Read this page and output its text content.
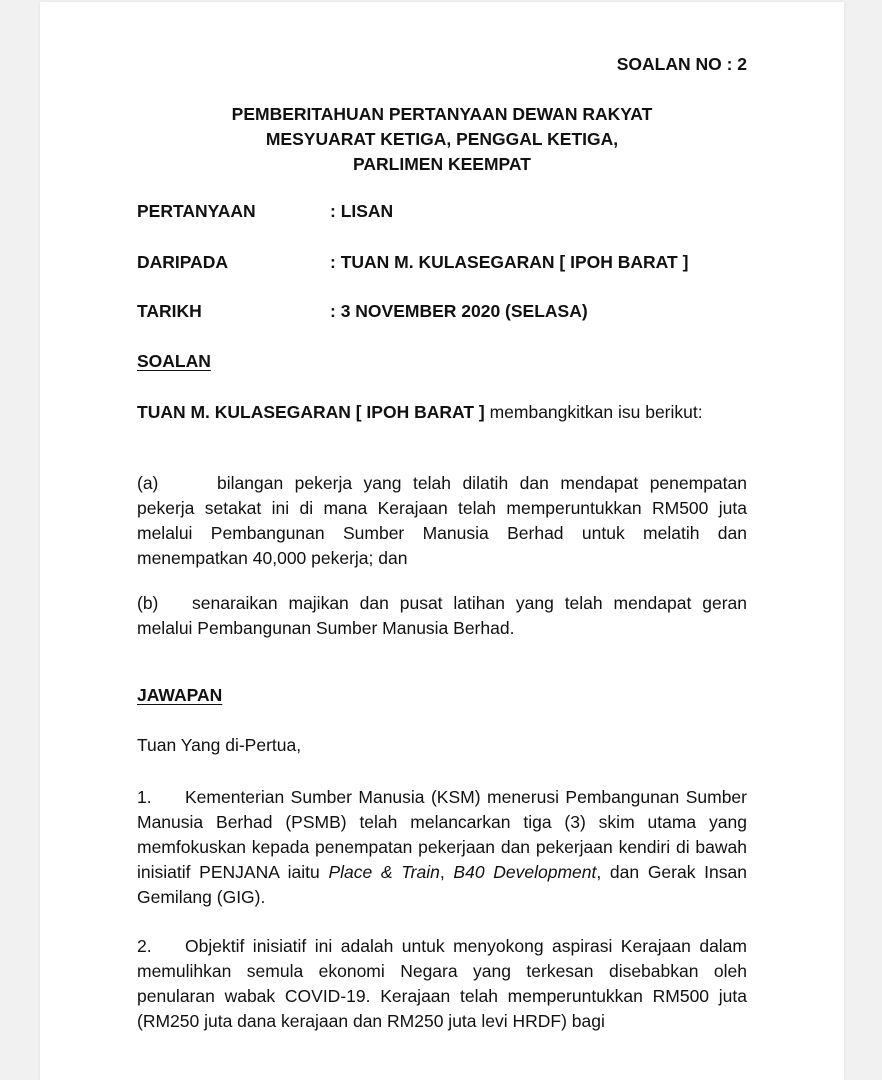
SOALAN NO : 2
PEMBERITAHUAN PERTANYAAN DEWAN RAKYAT
MESYUARAT KETIGA, PENGGAL KETIGA,
PARLIMEN KEEMPAT
PERTANYAAN	: LISAN
DARIPADA	: TUAN M. KULASEGARAN [ IPOH BARAT ]
TARIKH	: 3 NOVEMBER 2020 (SELASA)
SOALAN

TUAN M. KULASEGARAN [ IPOH BARAT ] membangkitkan isu berikut:

(a)	bilangan pekerja yang telah dilatih dan mendapat penempatan pekerja setakat ini di mana Kerajaan telah memperuntukkan RM500 juta melalui Pembangunan Sumber Manusia Berhad untuk melatih dan menempatkan 40,000 pekerja; dan

(b) senaraikan majikan dan pusat latihan yang telah mendapat geran melalui Pembangunan Sumber Manusia Berhad.

JAWAPAN
Tuan Yang di-Pertua,

1. Kementerian Sumber Manusia (KSM) menerusi Pembangunan Sumber Manusia Berhad (PSMB) telah melancarkan tiga (3) skim utama yang memfokuskan kepada penempatan pekerjaan dan pekerjaan kendiri di bawah inisiatif PENJANA iaitu Place & Train, B40 Development, dan Gerak Insan Gemilang (GIG).

2. Objektif inisiatif ini adalah untuk menyokong aspirasi Kerajaan dalam memulihkan semula ekonomi Negara yang terkesan disebabkan oleh penularan wabak COVID-19. Kerajaan telah memperuntukkan RM500 juta (RM250 juta dana kerajaan dan RM250 juta levi HRDF) bagi
